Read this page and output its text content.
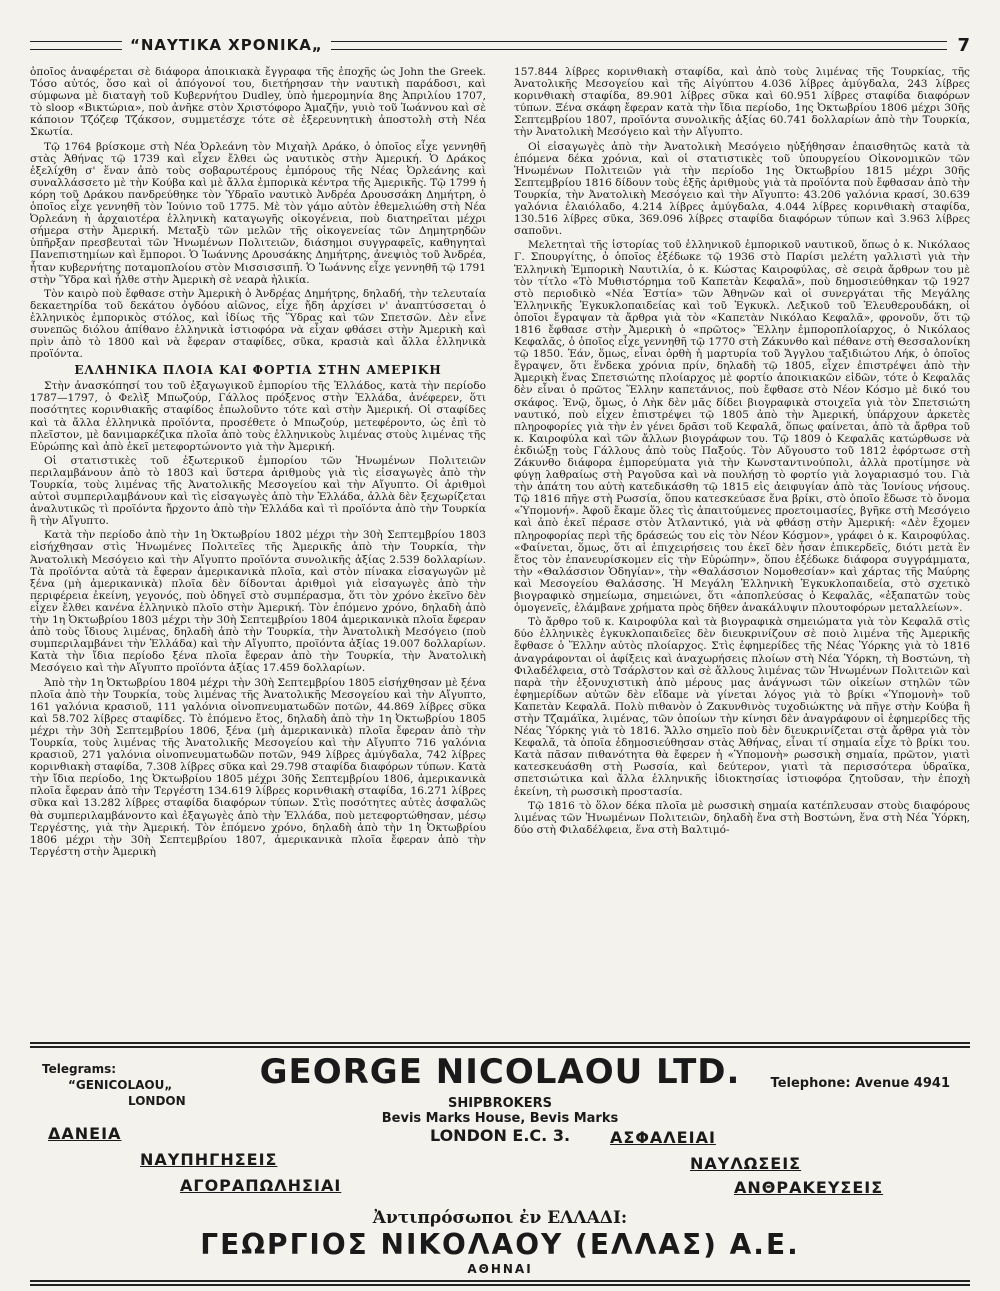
“ΝΑΥΤΙΚΑ ΧΡΟΝΙΚΑ„	7

ὁποῖος ἀναφέρεται σὲ διάφορα ἀποικιακὰ ἔγγραφα τῆς ἐποχῆς ὡς John the Greek. Τόσο αὐτός, ὅσο καὶ οἱ ἀπόγονοί του, διετήρησαν τὴν ναυτικὴ παράδοσι, καὶ σύμφωνα μὲ διαταγὴ τοῦ Κυβερνήτου Dudley, ὑπὸ ἡμερομηνία 8ης Ἀπριλίου 1707, τὸ sloop «Βικτώρια», ποὺ ἀνῆκε στὸν Χριστόφορο Ἀμαζῆν, γυιὸ τοῦ Ἰωάννου καὶ σὲ κάποιον Τζόζεφ Τζάκσον, συμμετέσχε τότε σὲ ἐξερευνητικὴ ἀποστολὴ στὴ Νέα Σκωτία.

Τῷ 1764 βρίσκομε στὴ Νέα Ὀρλεάνη τὸν Μιχαὴλ Δράκο, ὁ ὁποῖος εἶχε γεννηθῆ στὰς Ἀθήνας τῷ 1739 καὶ εἶχεν ἔλθει ὡς ναυτικὸς στὴν Ἀμερική. Ὁ Δράκος ἐξελίχθη σ' ἕναν ἀπὸ τοὺς σοβαρωτέρους ἐμπόρους τῆς Νέας Ὀρλεάνης καὶ συναλλάσσετο μὲ τὴν Κούβα καὶ μὲ ἄλλα ἐμπορικὰ κέντρα τῆς Ἀμερικῆς. Τῷ 1799 ἡ κόρη τοῦ Δράκου πανδρεύθηκε τὸν Ὑδραῖο ναυτικὸ Ἀνδρέα Δρουσσάκη Δημήτρη, ὁ ὁποῖος εἶχε γεννηθῆ τὸν Ἰούνιο τοῦ 1775. Μὲ τὸν γάμο αὐτὸν ἐθεμελιώθη στὴ Νέα Ὀρλεάνη ἡ ἀρχαιοτέρα ἑλληνικὴ καταγωγῆς οἰκογένεια, ποὺ διατηρεῖται μέχρι σήμερα στὴν Ἀμερική. Μεταξὺ τῶν μελῶν τῆς οἰκογενείας τῶν Δημητρηδῶν ὑπῆρξαν πρεσβευταὶ τῶν Ἡνωμένων Πολιτειῶν, διάσημοι συγγραφεῖς, καθηγηταὶ Πανεπιστημίων καὶ ἔμποροι. Ὁ Ἰωάννης Δρουσάκης Δημήτρης, ἀνεψιὸς τοῦ Ἀνδρέα, ἦταν κυβερνήτης ποταμοπλοίου στὸν Μισσισσιπῆ. Ὁ Ἰωάννης εἶχε γεννηθῆ τῷ 1791 στὴν Ὕδρα καὶ ἦλθε στὴν Ἀμερικὴ σὲ νεαρὰ ἡλικία.

Τὸν καιρὸ ποὺ ἔφθασε στὴν Ἀμερικὴ ὁ Ἀνδρέας Δημήτρης, δηλαδή, τὴν τελευταία δεκαετηρίδα τοῦ δεκάτου ὀγδόου αἰῶνος, εἶχε ἤδη ἀρχίσει ν' ἀναπτύσσεται ὁ ἑλληνικὸς ἐμπορικὸς στόλος, καὶ ἰδίως τῆς Ὕδρας καὶ τῶν Σπετσῶν. Δὲν εἶνε συνεπῶς διόλου ἀπίθανο ἑλληνικὰ ἱστιοφόρα νὰ εἶχαν φθάσει στὴν Ἀμερικὴ καὶ πρὶν ἀπὸ τὸ 1800 καὶ νὰ ἔφεραν σταφίδες, σῦκα, κρασιὰ καὶ ἄλλα ἑλληνικὰ προϊόντα.

ΕΛΛΗΝΙΚΑ ΠΛΟΙΑ ΚΑΙ ΦΟΡΤΙΑ ΣΤΗΝ ΑΜΕΡΙΚΗ

Στὴν ἀνασκόπησί του τοῦ ἐξαγωγικοῦ ἐμπορίου τῆς Ἑλλάδος, κατὰ τὴν περίοδο 1787—1797, ὁ Φελὶξ Μπωζούρ, Γάλλος πρόξενος στὴν Ἑλλάδα, ἀνέφερεν, ὅτι ποσότητες κορινθιακῆς σταφίδος ἐπωλοῦντο τότε καὶ στὴν Ἀμερική. Οἱ σταφίδες καὶ τὰ ἄλλα ἑλληνικὰ προϊόντα, προσέθετε ὁ Μπωζούρ, μετεφέροντο, ὡς ἐπὶ τὸ πλεῖστον, μὲ δανιμαρκέζικα πλοῖα ἀπὸ τοὺς ἑλληνικοὺς λιμένας στοὺς λιμένας τῆς Εὐρώπης καὶ ἀπὸ ἐκεῖ μετεφορτώνοντο γιὰ τὴν Ἀμερική.

Οἱ στατιστικὲς τοῦ ἐξωτερικοῦ ἐμπορίου τῶν Ἡνωμένων Πολιτειῶν περιλαμβάνουν ἀπὸ τὸ 1803 καὶ ὕστερα ἀριθμοὺς γιὰ τὶς εἰσαγωγὲς ἀπὸ τὴν Τουρκία, τοὺς λιμένας τῆς Ἀνατολικῆς Μεσογείου καὶ τὴν Αἴγυπτο. Οἱ ἀριθμοὶ αὐτοὶ συμπεριλαμβάνουν καὶ τὶς εἰσαγωγὲς ἀπὸ τὴν Ἑλλάδα, ἀλλὰ δὲν ξεχωρίζεται ἀναλυτικῶς τὶ προϊόντα ἤρχοντο ἀπὸ τὴν Ἑλλάδα καὶ τὶ προϊόντα ἀπὸ τὴν Τουρκία ἢ τὴν Αἴγυπτο.

Κατὰ τὴν περίοδο ἀπὸ τὴν 1η Ὀκτωβρίου 1802 μέχρι τὴν 30ὴ Σεπτεμβρίου 1803 εἰσήχθησαν στὶς Ἡνωμένες Πολιτεῖες τῆς Ἀμερικῆς ἀπὸ τὴν Τουρκία, τὴν Ἀνατολικὴ Μεσόγειο καὶ τὴν Αἴγυπτο προϊόντα συνολικῆς ἀξίας 2.539 δολλαρίων. Τὰ προϊόντα αὐτὰ τὰ ἔφεραν ἀμερικανικὰ πλοῖα, καὶ στὸν πίνακα εἰσαγωγῶν μὲ ξένα (μὴ ἀμερικανικὰ) πλοῖα δὲν δίδονται ἀριθμοὶ γιὰ εἰσαγωγὲς ἀπὸ τὴν περιφέρεια ἐκείνη, γεγονός, ποὺ ὁδηγεῖ στὸ συμπέρασμα, ὅτι τὸν χρόνο ἐκεῖνο δὲν εἶχεν ἔλθει κανένα ἑλληνικὸ πλοῖο στὴν Ἀμερική. Τὸν ἑπόμενο χρόνο, δηλαδὴ ἀπὸ τὴν 1η Ὀκτωβρίου 1803 μέχρι τὴν 30ὴ Σεπτεμβρίου 1804 ἀμερικανικὰ πλοῖα ἔφεραν ἀπὸ τοὺς ἴδιους λιμένας, δηλαδὴ ἀπὸ τὴν Τουρκία, τὴν Ἀνατολικὴ Μεσόγειο (ποὺ συμπεριλαμβάνει τὴν Ἑλλάδα) καὶ τὴν Αἴγυπτο, προϊόντα ἀξίας 19.007 δολλαρίων. Κατὰ τὴν ἴδια περίοδο ξένα πλοῖα ἔφεραν ἀπὸ τὴν Τουρκία, τὴν Ἀνατολικὴ Μεσόγειο καὶ τὴν Αἴγυπτο προϊόντα ἀξίας 17.459 δολλαρίων.

Ἀπὸ τὴν 1η Ὀκτωβρίου 1804 μέχρι τὴν 30ὴ Σεπτεμβρίου 1805 εἰσήχθησαν μὲ ξένα πλοῖα ἀπὸ τὴν Τουρκία, τοὺς λιμένας τῆς Ἀνατολικῆς Μεσογείου καὶ τὴν Αἴγυπτο, 161 γαλόνια κρασιοῦ, 111 γαλόνια οἰνοπνευματωδῶν ποτῶν, 44.869 λίβρες σῦκα καὶ 58.702 λίβρες σταφίδες. Τὸ ἑπόμενο ἔτος, δηλαδὴ ἀπὸ τὴν 1η Ὀκτωβρίου 1805 μέχρι τὴν 30ὴ Σεπτεμβρίου 1806, ξένα (μὴ ἀμερικανικὰ) πλοῖα ἔφεραν ἀπὸ τὴν Τουρκία, τοὺς λιμένας τῆς Ἀνατολικῆς Μεσογείου καὶ τὴν Αἴγυπτο 716 γαλόνια κρασιοῦ, 271 γαλόνια οἰνοπνευματωδῶν ποτῶν, 949 λίβρες ἀμύγδαλα, 742 λίβρες κορινθιακὴ σταφίδα, 7.308 λίβρες σῦκα καὶ 29.798 σταφίδα διαφόρων τύπων. Κατὰ τὴν ἴδια περίοδο, 1ης Ὀκτωβρίου 1805 μέχρι 30ῆς Σεπτεμβρίου 1806, ἀμερικανικὰ πλοῖα ἔφεραν ἀπὸ τὴν Τεργέστη 134.619 λίβρες κορινθιακὴ σταφίδα, 16.271 λίβρες σῦκα καὶ 13.282 λίβρες σταφίδα διαφόρων τύπων. Στὶς ποσότητες αὐτὲς ἀσφαλῶς θὰ συμπεριλαμβάνοντο καὶ ἐξαγωγὲς ἀπὸ τὴν Ἑλλάδα, ποὺ μετεφορτώθησαν, μέσῳ Τεργέστης, γιὰ τὴν Ἀμερική. Τὸν ἑπόμενο χρόνο, δηλαδὴ ἀπὸ τὴν 1η Ὀκτωβρίου 1806 μέχρι τὴν 30ὴ Σεπτεμβρίου 1807, ἀμερικανικὰ πλοῖα ἔφεραν ἀπὸ τὴν Τεργέστη στὴν Ἀμερικὴ

157.844 λίβρες κορινθιακὴ σταφίδα, καὶ ἀπὸ τοὺς λιμένας τῆς Τουρκίας, τῆς Ἀνατολικῆς Μεσογείου καὶ τῆς Αἰγύπτου 4.036 λίβρες ἀμύγδαλα, 243 λίβρες κορινθιακὴ σταφίδα, 89.901 λίβρες σῦκα καὶ 60.951 λίβρες σταφίδα διαφόρων τύπων. Ξένα σκάφη ἔφεραν κατὰ τὴν ἴδια περίοδο, 1ης Ὀκτωβρίου 1806 μέχρι 30ῆς Σεπτεμβρίου 1807, προϊόντα συνολικῆς ἀξίας 60.741 δολλαρίων ἀπὸ τὴν Τουρκία, τὴν Ἀνατολικὴ Μεσόγειο καὶ τὴν Αἴγυπτο.

Οἱ εἰσαγωγὲς ἀπὸ τὴν Ἀνατολικὴ Μεσόγειο ηὐξήθησαν ἐπαισθητῶς κατὰ τὰ ἑπόμενα δέκα χρόνια, καὶ οἱ στατιστικὲς τοῦ ὑπουργείου Οἰκονομικῶν τῶν Ἡνωμένων Πολιτειῶν γιὰ τὴν περίοδο 1ης Ὀκτωβρίου 1815 μέχρι 30ῆς Σεπτεμβρίου 1816 δίδουν τοὺς ἑξῆς ἀριθμοὺς γιὰ τὰ προϊόντα ποὺ ἔφθασαν ἀπὸ τὴν Τουρκία, τὴν Ἀνατολικὴ Μεσόγειο καὶ τὴν Αἴγυπτο: 43.206 γαλόνια κρασί, 30.639 γαλόνια ἐλαιόλαδο, 4.214 λίβρες ἀμύγδαλα, 4.044 λίβρες κορινθιακὴ σταφίδα, 130.516 λίβρες σῦκα, 369.096 λίβρες σταφίδα διαφόρων τύπων καὶ 3.963 λίβρες σαποῦνι.

Μελετηταὶ τῆς ἱστορίας τοῦ ἑλληνικοῦ ἐμπορικοῦ ναυτικοῦ, ὅπως ὁ κ. Νικόλαος Γ. Σπουργίτης, ὁ ὁποῖος ἐξέδωκε τῷ 1936 στὸ Παρίσι μελέτη γαλλιστὶ γιὰ τὴν Ἑλληνικὴ Ἐμπορικὴ Ναυτιλία, ὁ κ. Κώστας Καιροφύλας, σὲ σειρὰ ἄρθρων του μὲ τὸν τίτλο «Τὸ Μυθιστόρημα τοῦ Καπετὰν Κεφαλᾶ», ποὺ δημοσιεύθηκαν τῷ 1927 στὸ περιοδικὸ «Νέα Ἑστία» τῶν Ἀθηνῶν καὶ οἱ συνεργάται τῆς Μεγάλης Ἑλληνικῆς Ἐγκυκλοπαιδείας καὶ τοῦ Ἐγκυκλ. Λεξικοῦ τοῦ Ἐλευθερουδάκη, οἱ ὁποῖοι ἔγραψαν τὰ ἄρθρα γιὰ τὸν «Καπετὰν Νικόλαο Κεφαλᾶ», φρονοῦν, ὅτι τῷ 1816 ἔφθασε στὴν Ἀμερικὴ ὁ «πρῶτος» Ἕλλην ἐμπορoπλοίαρχος, ὁ Νικόλαος Κεφαλᾶς, ὁ ὁποῖος εἶχε γεννηθῆ τῷ 1770 στὴ Ζάκυνθο καὶ πέθανε στὴ Θεσσαλονίκη τῷ 1850. Ἐάν, ὅμως, εἶναι ὀρθὴ ἡ μαρτυρία τοῦ Ἄγγλου ταξιδιώτου Λήκ, ὁ ὁποῖος ἔγραψεν, ὅτι ἕνδεκα χρόνια πρίν, δηλαδὴ τῷ 1805, εἶχεν ἐπιστρέψει ἀπὸ τὴν Ἀμερικὴ ἕνας Σπετσιώτης πλοίαρχος μὲ φορτίο ἀποικιακῶν εἰδῶν, τότε ὁ Κεφαλᾶς δὲν εἶναι ὁ πρῶτος Ἕλλην καπετάνιος, ποὺ ἔφθασε στὸ Νέον Κόσμο μὲ δικό του σκάφος. Ἐνῷ, ὅμως, ὁ Λὴκ δὲν μᾶς δίδει βιογραφικὰ στοιχεῖα γιὰ τὸν Σπετσιώτη ναυτικό, ποὺ εἶχεν ἐπιστρέψει τῷ 1805 ἀπὸ τὴν Ἀμερική, ὑπάρχουν ἀρκετὲς πληροφορίες γιὰ τὴν ἐν γένει δρᾶσι τοῦ Κεφαλᾶ, ὅπως φαίνεται, ἀπὸ τὰ ἄρθρα τοῦ κ. Καιροφύλα καὶ τῶν ἄλλων βιογράφων του. Τῷ 1809 ὁ Κεφαλᾶς κατώρθωσε νὰ ἐκδιώξῃ τοὺς Γάλλους ἀπὸ τοὺς Παξούς. Τὸν Αὔγουστο τοῦ 1812 ἐφόρτωσε στὴ Ζάκυνθο διάφορα ἐμπορεύματα γιὰ τὴν Κωνσταντινούπολι, ἀλλὰ προτίμησε νὰ φύγῃ λαθραίως στὴ Ραγοῦσα καὶ νὰ πουλήσῃ τὸ φορτίο γιὰ λογαριασμό του. Γιὰ τὴν ἀπάτη του αὐτὴ κατεδικάσθη τῷ 1815 εἰς ἀειφυγίαν ἀπὸ τὰς Ἰονίους νήσους. Τῷ 1816 πῆγε στὴ Ρωσσία, ὅπου κατεσκεύασε ἕνα βρίκι, στὸ ὁποῖο ἔδωσε τὸ ὄνομα «Ὑπομονή». Ἀφοῦ ἔκαμε ὅλες τὶς ἀπαιτούμενες προετοιμασίες, βγῆκε στὴ Μεσόγειο καὶ ἀπὸ ἐκεῖ πέρασε στὸν Ἀτλαντικό, γιὰ νὰ φθάσῃ στὴν Ἀμερική: «Δὲν ἔχομεν πληροφορίας περὶ τῆς δράσεώς του εἰς τὸν Νέον Κόσμον», γράφει ὁ κ. Καιροφύλας. «Φαίνεται, ὅμως, ὅτι αἱ ἐπιχειρήσεις του ἐκεῖ δὲν ἦσαν ἐπικερδεῖς, διότι μετὰ ἓν ἔτος τὸν ἐπανευρίσκομεν εἰς τὴν Εὐρώπην», ὅπου ἐξέδωκε διάφορα συγγράμματα, τὴν «Θαλάσσιον Ὁδηγίαν», τὴν «Θαλάσσιον Νομοθεσίαν» καὶ χάρτας τῆς Μαύρης καὶ Μεσογείου Θαλάσσης. Ἡ Μεγάλη Ἑλληνικὴ Ἐγκυκλοπαιδεία, στὸ σχετικὸ βιογραφικὸ σημείωμα, σημειώνει, ὅτι «ἀποπλεύσας ὁ Κεφαλᾶς, «ἐξαπατῶν τοὺς ὁμογενεῖς, ἐλάμβανε χρήματα πρὸς δῆθεν ἀνακάλυψιν πλουτοφόρων μεταλλείων».

Τὸ ἄρθρο τοῦ κ. Καιροφύλα καὶ τὰ βιογραφικὰ σημειώματα γιὰ τὸν Κεφαλᾶ στὶς δύο ἑλληνικὲς ἐγκυκλοπαιδεῖες δὲν διευκρινίζουν σὲ ποιὸ λιμένα τῆς Ἀμερικῆς ἔφθασε ὁ Ἕλλην αὐτὸς πλοίαρχος. Στὶς ἐφημερίδες τῆς Νέας Ὑόρκης γιὰ τὸ 1816 ἀναγράφονται οἱ ἀφίξεις καὶ ἀναχωρήσεις πλοίων στὴ Νέα Ὑόρκη, τὴ Βοστώνη, τὴ Φιλαδέλφεια, στὸ Τσάρλστον καὶ σὲ ἄλλους λιμένας τῶν Ἡνωμένων Πολιτειῶν καὶ παρὰ τὴν ἐξονυχιστικὴ ἀπὸ μέρους μας ἀνάγνωσι τῶν οἰκείων στηλῶν τῶν ἐφημερίδων αὐτῶν δὲν εἴδαμε νὰ γίνεται λόγος γιὰ τὸ βρίκι «Ὑπομονὴ» τοῦ Καπετὰν Κεφαλᾶ. Πολὺ πιθανὸν ὁ Ζακυνθινὸς τυχοδιώκτης νὰ πῆγε στὴν Κούβα ἢ στὴν Τζαμάϊκα, λιμένας, τῶν ὁποίων τὴν κίνησι δὲν ἀναγράφουν οἱ ἐφημερίδες τῆς Νέας Ὑόρκης γιὰ τὸ 1816. Ἄλλο σημεῖο ποὺ δὲν διευκρινίζεται στὰ ἄρθρα γιὰ τὸν Κεφαλᾶ, τὰ ὁποῖα ἐδημοσιεύθησαν στὰς Ἀθήνας, εἶναι τί σημαία εἶχε τὸ βρίκι του. Κατὰ πᾶσαν πιθανότητα θὰ ἔφερεν ἡ «Ὑπομονὴ» ρωσσικὴ σημαία, πρῶτον, γιατὶ κατεσκευάσθη στὴ Ρωσσία, καὶ δεύτερον, γιατὶ τὰ περισσότερα ὑδραϊκα, σπετσιώτικα καὶ ἄλλα ἑλληνικῆς ἰδιοκτησίας ἱστιοφόρα ζητοῦσαν, τὴν ἐποχὴ ἐκείνη, τὴ ρωσσικὴ προστασία.

Τῷ 1816 τὸ ὅλον δέκα πλοῖα μὲ ρωσσικὴ σημαία κατέπλευσαν στοὺς διαφόρους λιμένας τῶν Ἡνωμένων Πολιτειῶν, δηλαδὴ ἕνα στὴ Βοστώνη, ἕνα στὴ Νέα Ὑόρκη, δύο στὴ Φιλαδέλφεια, ἕνα στὴ Βαλτιμό-

GEORGE NICOLAOU LTD.
Telegrams:
“GENICOLAOU„
LONDON
Telephone: Avenue 4941
SHIPBROKERS
Bevis Marks House, Bevis Marks
LONDON E.C. 3.
ΔΑΝΕΙΑ	ΑΣΦΑΛΕΙΑΙ
ΝΑΥΠΗΓΗΣΕΙΣ	ΝΑΥΛΩΣΕΙΣ
ΑΓΟΡΑΠΩΛΗΣΙΑΙ	ΑΝΘΡΑΚΕΥΣΕΙΣ
Ἀντιπρόσωποι ἐν ΕΛΛΑΔΙ:
ΓΕΩΡΓΙΟΣ ΝΙΚΟΛΑΟΥ (ΕΛΛΑΣ) Α.Ε.
ΑΘΗΝΑΙ
